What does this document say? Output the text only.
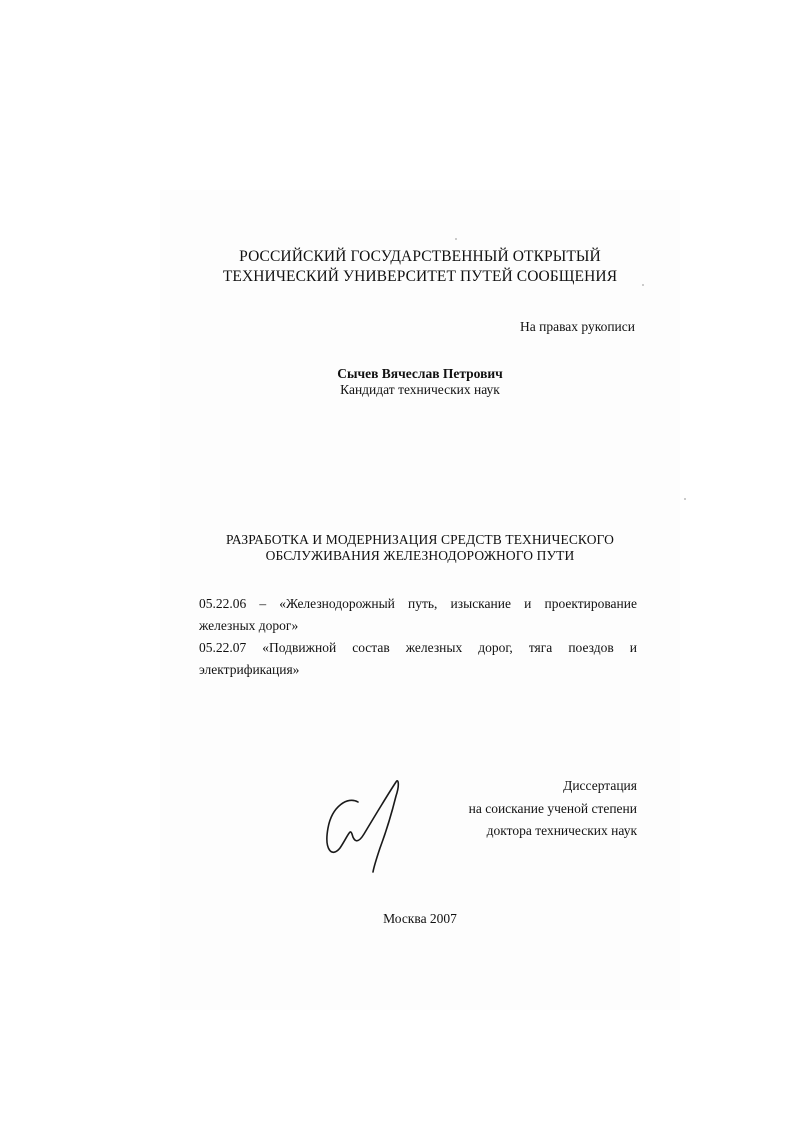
РОССИЙСКИЙ ГОСУДАРСТВЕННЫЙ ОТКРЫТЫЙ
ТЕХНИЧЕСКИЙ УНИВЕРСИТЕТ ПУТЕЙ СООБЩЕНИЯ
На правах рукописи
Сычев Вячеслав Петрович
Кандидат технических наук
РАЗРАБОТКА И МОДЕРНИЗАЦИЯ СРЕДСТВ ТЕХНИЧЕСКОГО
ОБСЛУЖИВАНИЯ ЖЕЛЕЗНОДОРОЖНОГО ПУТИ
05.22.06 – «Железнодорожный путь, изыскание и проектирование железных дорог»
05.22.07 «Подвижной состав железных дорог, тяга поездов и электрификация»
Диссертация
на соискание ученой степени
доктора технических наук
Москва 2007
